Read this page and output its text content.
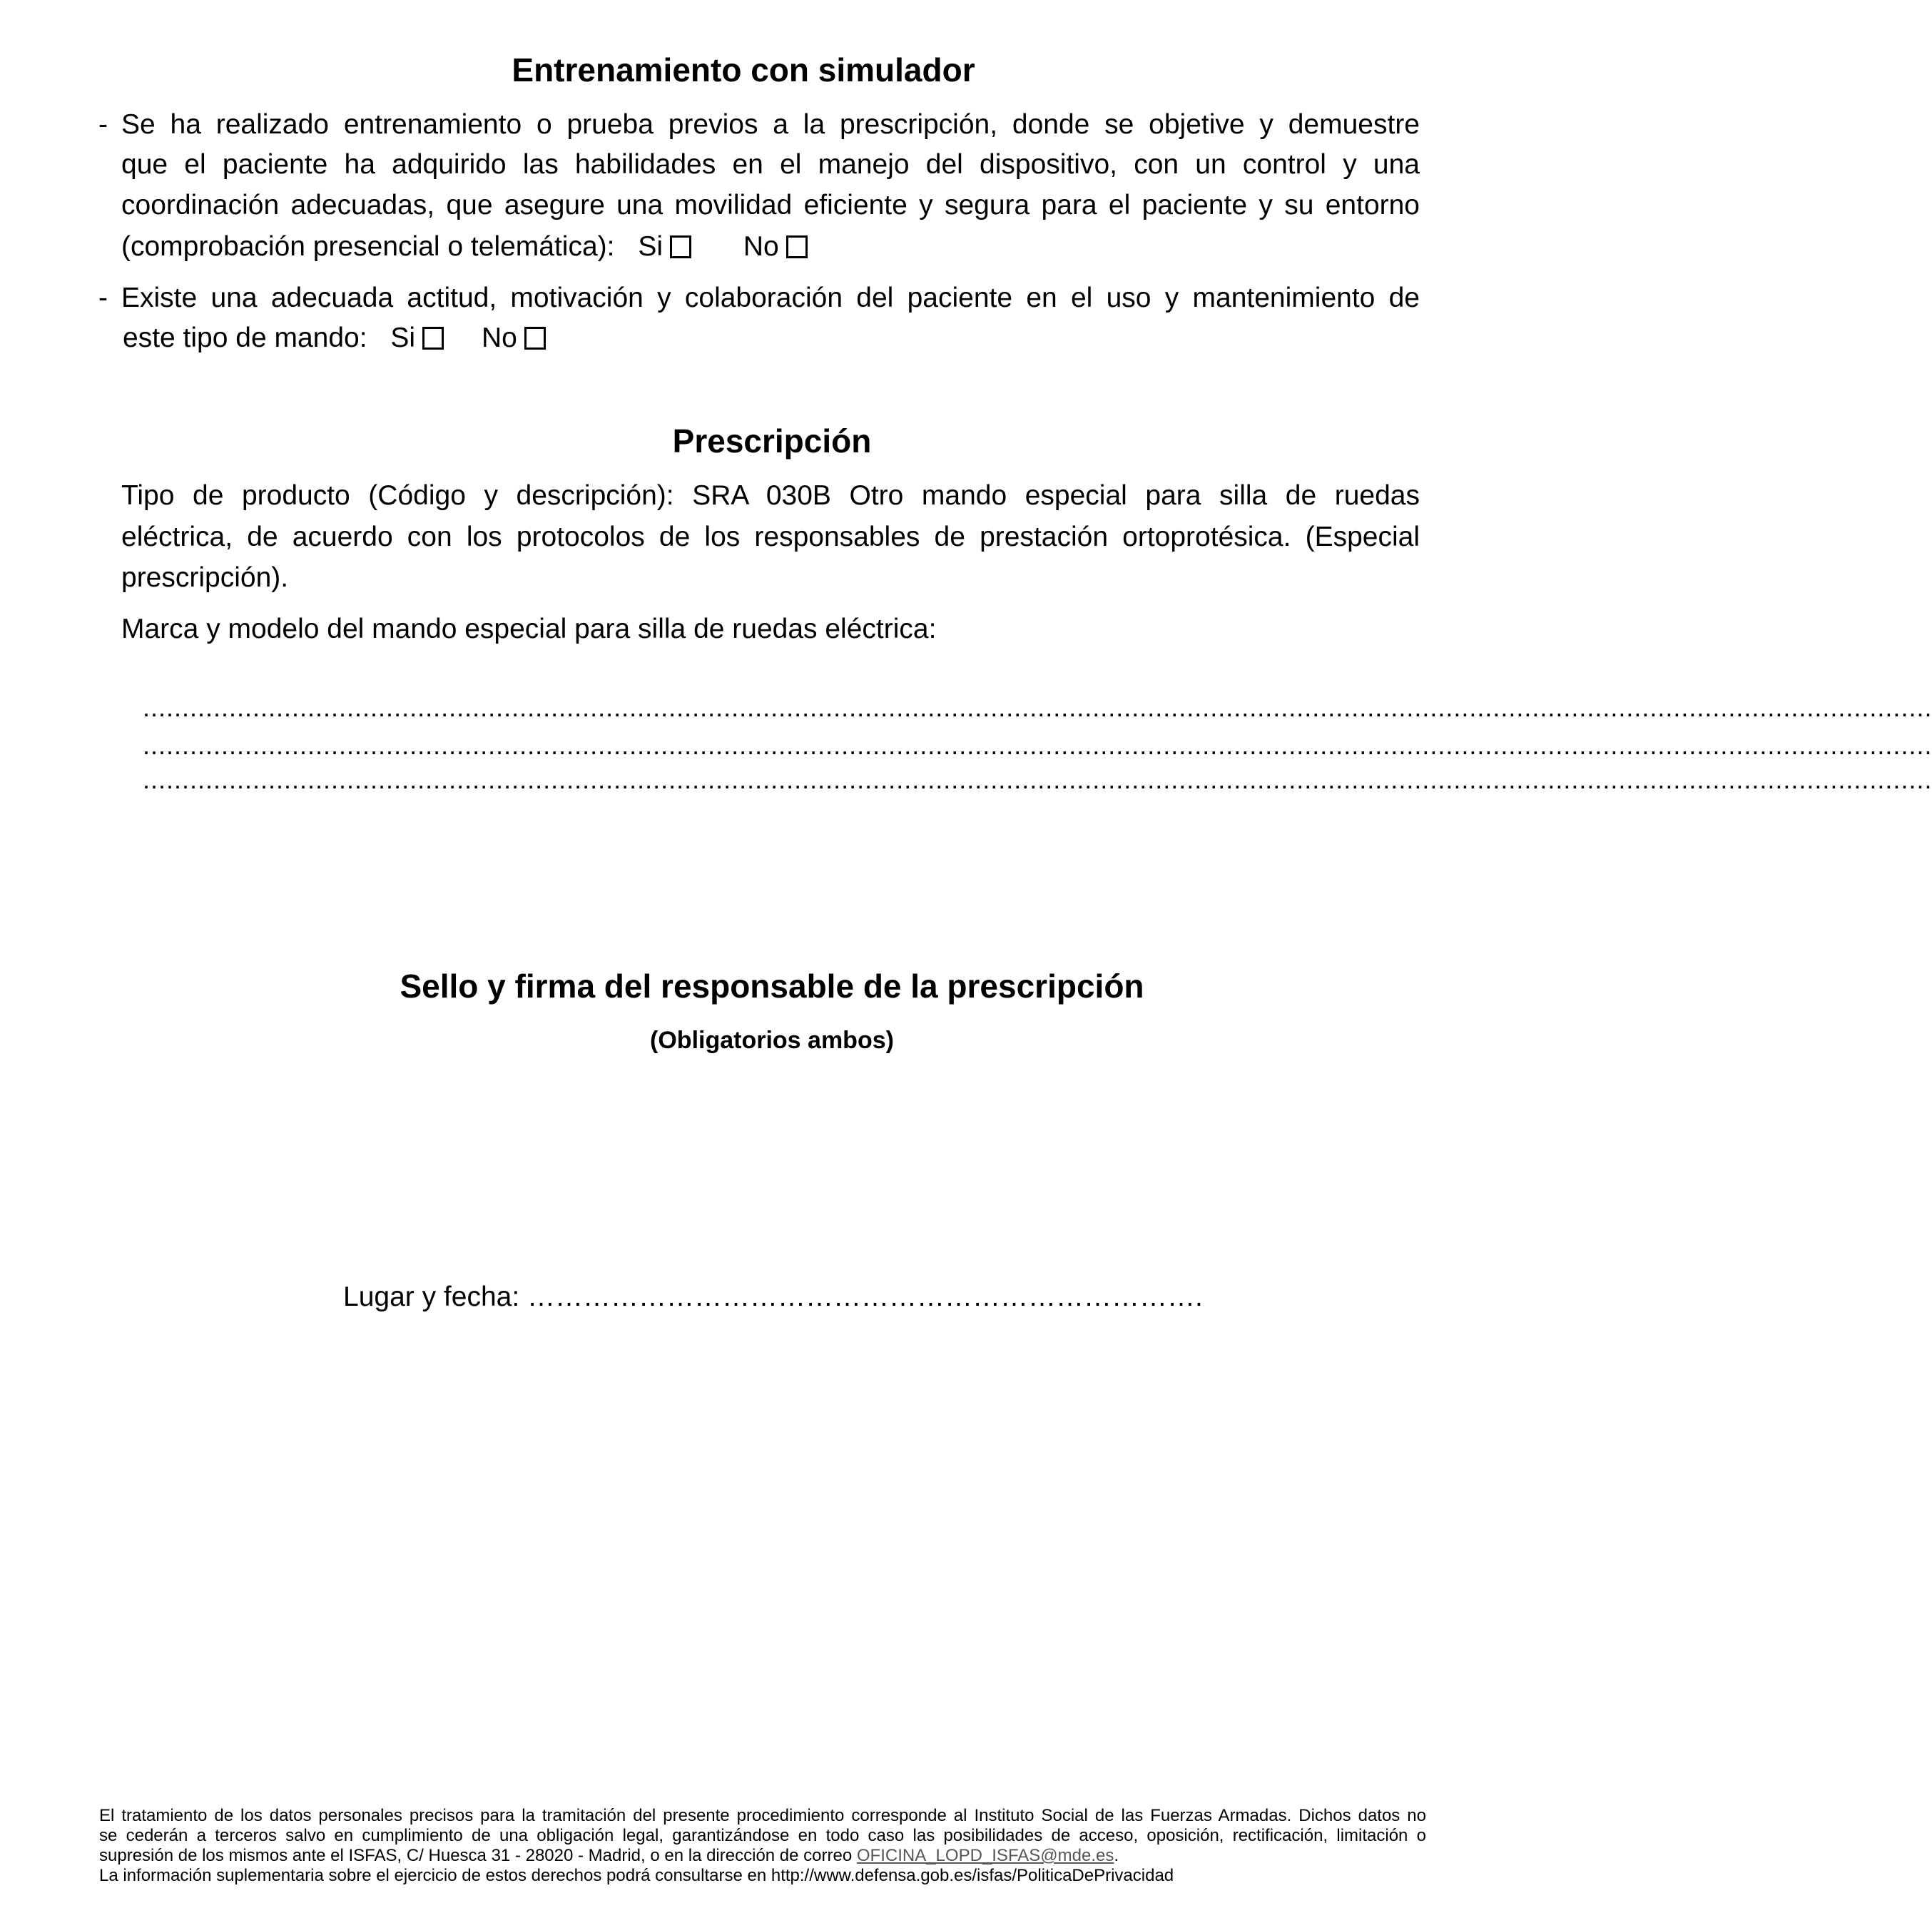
Entrenamiento con simulador
- Se ha realizado entrenamiento o prueba previos a la prescripción, donde se objetive y demuestre
que el paciente ha adquirido las habilidades en el manejo del dispositivo, con un control y una
coordinación adecuadas, que asegure una movilidad eficiente y segura para el paciente y su entorno
(comprobación presencial o telemática): Si	No
- Existe una adecuada actitud, motivación y colaboración del paciente en el uso y mantenimiento de
este tipo de mando: Si No
Prescripción
Tipo de producto (Código y descripción): SRA 030B Otro mando especial para silla de ruedas
eléctrica, de acuerdo con los protocolos de los responsables de prestación ortoprotésica. (Especial
prescripción).
Marca y modelo del mando especial para silla de ruedas eléctrica:
....................................................................................................................................................................................................................................
....................................................................................................................................................................................................................................
....................................................................................................................................................................................................................................
Sello y firma del responsable de la prescripción
(Obligatorios ambos)
Lugar y fecha: ……………………………………………………………….
El tratamiento de los datos personales precisos para la tramitación del presente procedimiento corresponde al Instituto Social de las Fuerzas Armadas. Dichos datos no
se cederán a terceros salvo en cumplimiento de una obligación legal, garantizándose en todo caso las posibilidades de acceso, oposición, rectificación, limitación o
supresión de los mismos ante el ISFAS, C/ Huesca 31 - 28020 - Madrid, o en la dirección de correo OFICINA_LOPD_ISFAS@mde.es.
La información suplementaria sobre el ejercicio de estos derechos podrá consultarse en http://www.defensa.gob.es/isfas/PoliticaDePrivacidad
